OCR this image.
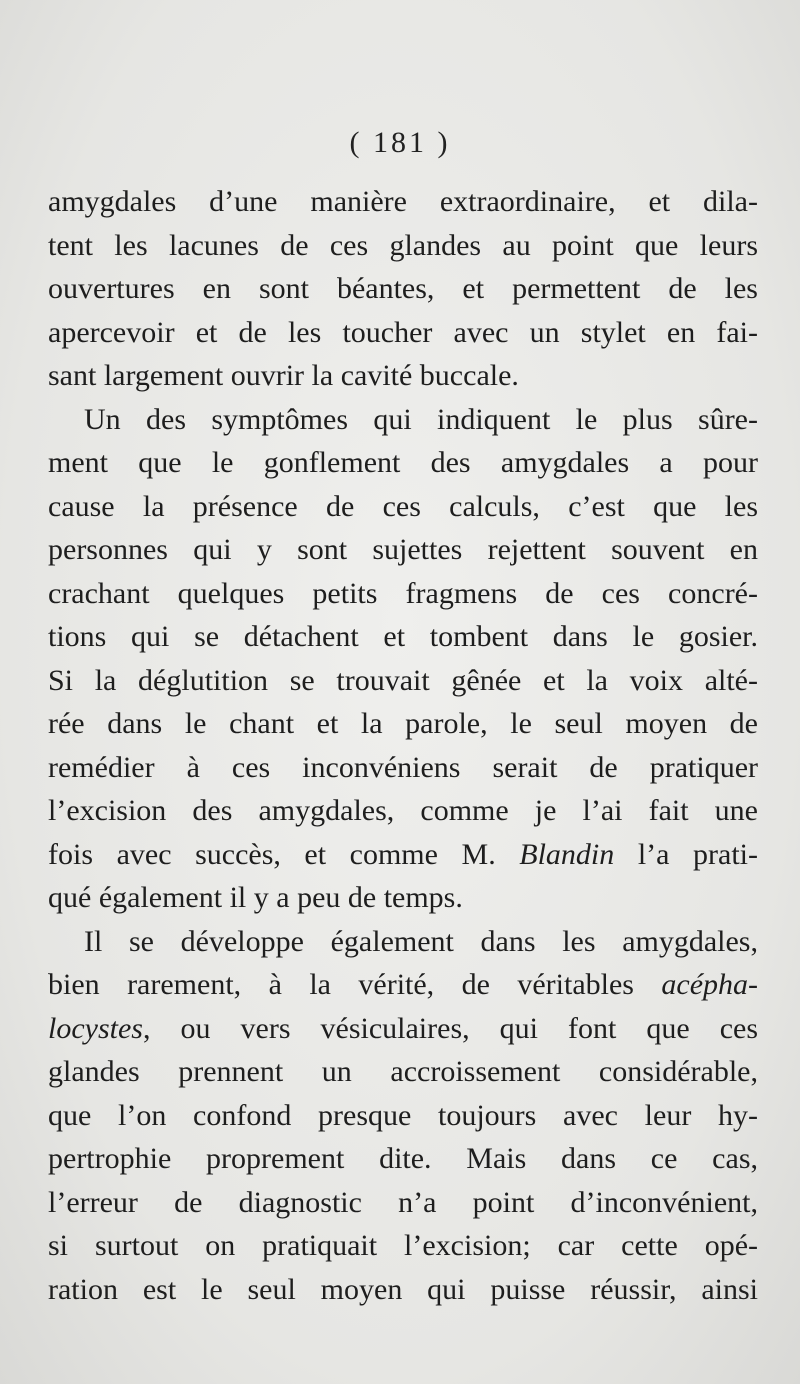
( 181 )
amygdales d’une manière extraordinaire, et dila-
tent les lacunes de ces glandes au point que leurs
ouvertures en sont béantes, et permettent de les
apercevoir et de les toucher avec un stylet en fai-
sant largement ouvrir la cavité buccale.
Un des symptômes qui indiquent le plus sûre-
ment que le gonflement des amygdales a pour
cause la présence de ces calculs, c’est que les
personnes qui y sont sujettes rejettent souvent en
crachant quelques petits fragmens de ces concré-
tions qui se détachent et tombent dans le gosier.
Si la déglutition se trouvait gênée et la voix alté-
rée dans le chant et la parole, le seul moyen de
remédier à ces inconvéniens serait de pratiquer
l’excision des amygdales, comme je l’ai fait une
fois avec succès, et comme M. Blandin l’a prati-
qué également il y a peu de temps.
Il se développe également dans les amygdales,
bien rarement, à la vérité, de véritables acépha-
locystes, ou vers vésiculaires, qui font que ces
glandes prennent un accroissement considérable,
que l’on confond presque toujours avec leur hy-
pertrophie proprement dite. Mais dans ce cas,
l’erreur de diagnostic n’a point d’inconvénient,
si surtout on pratiquait l’excision; car cette opé-
ration est le seul moyen qui puisse réussir, ainsi
